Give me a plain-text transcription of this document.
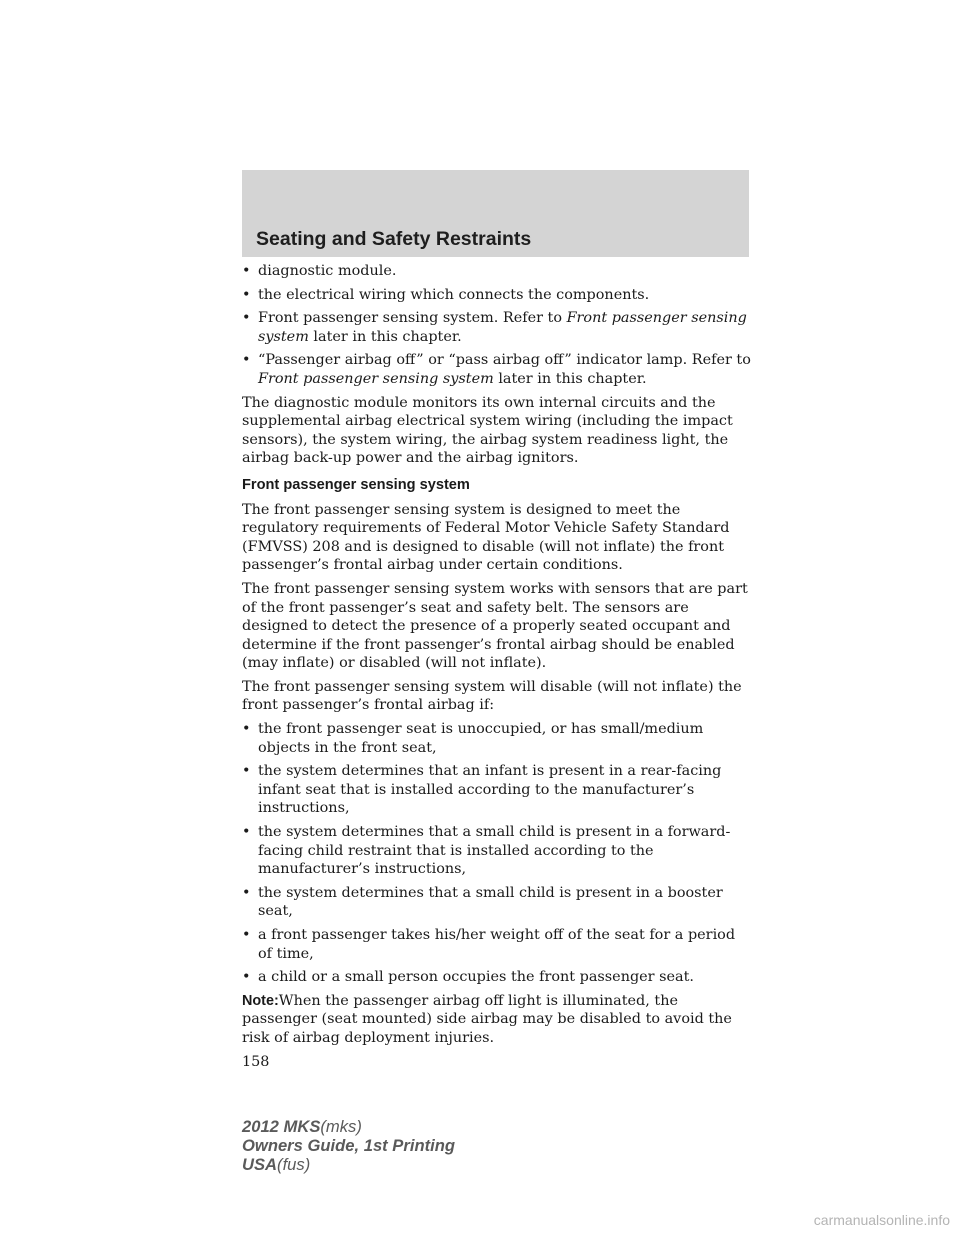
Seating and Safety Restraints
• diagnostic module.
• the electrical wiring which connects the components.
• Front passenger sensing system. Refer to Front passenger sensing system later in this chapter.
• “Passenger airbag off” or “pass airbag off” indicator lamp. Refer to Front passenger sensing system later in this chapter.

The diagnostic module monitors its own internal circuits and the supplemental airbag electrical system wiring (including the impact sensors), the system wiring, the airbag system readiness light, the airbag back-up power and the airbag ignitors.

Front passenger sensing system

The front passenger sensing system is designed to meet the regulatory requirements of Federal Motor Vehicle Safety Standard (FMVSS) 208 and is designed to disable (will not inflate) the front passenger’s frontal airbag under certain conditions.

The front passenger sensing system works with sensors that are part of the front passenger’s seat and safety belt. The sensors are designed to detect the presence of a properly seated occupant and determine if the front passenger’s frontal airbag should be enabled (may inflate) or disabled (will not inflate).

The front passenger sensing system will disable (will not inflate) the front passenger’s frontal airbag if:

• the front passenger seat is unoccupied, or has small/medium objects in the front seat,
• the system determines that an infant is present in a rear-facing infant seat that is installed according to the manufacturer’s instructions,
• the system determines that a small child is present in a forward-facing child restraint that is installed according to the manufacturer’s instructions,
• the system determines that a small child is present in a booster seat,
• a front passenger takes his/her weight off of the seat for a period of time,
• a child or a small person occupies the front passenger seat.

Note:When the passenger airbag off light is illuminated, the passenger (seat mounted) side airbag may be disabled to avoid the risk of airbag deployment injuries.

158
2012 MKS(mks)
Owners Guide, 1st Printing
USA(fus)
carmanualsonline.info
